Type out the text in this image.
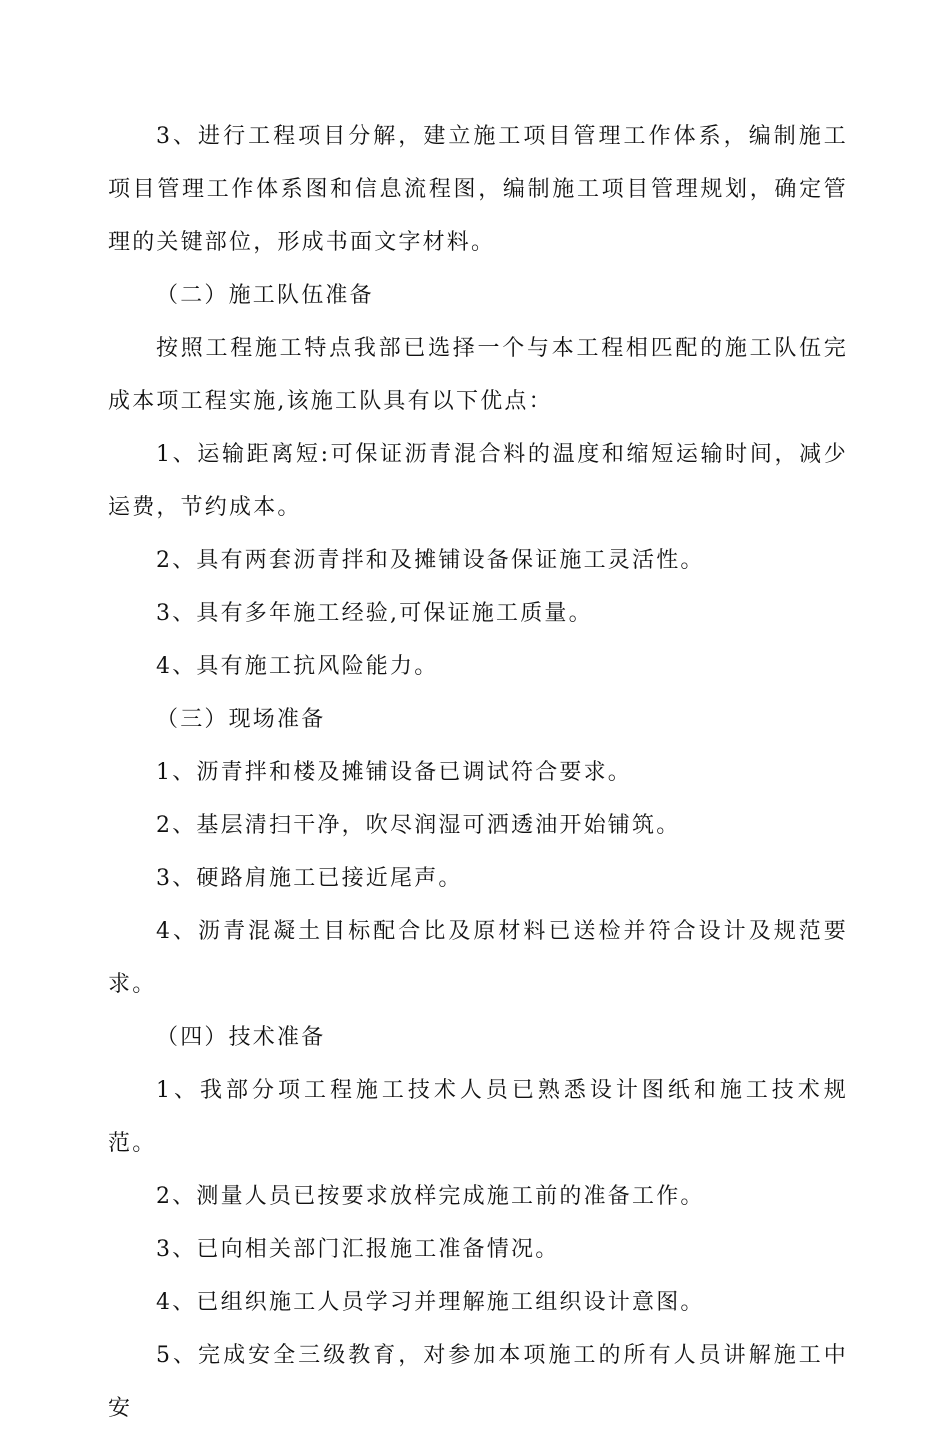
3、进行工程项目分解，建立施工项目管理工作体系，编制施工项目管理工作体系图和信息流程图，编制施工项目管理规划，确定管理的关键部位，形成书面文字材料。

（二）施工队伍准备

按照工程施工特点我部已选择一个与本工程相匹配的施工队伍完成本项工程实施,该施工队具有以下优点：

1、运输距离短:可保证沥青混合料的温度和缩短运输时间，减少运费，节约成本。

2、具有两套沥青拌和及摊铺设备保证施工灵活性。

3、具有多年施工经验,可保证施工质量。

4、具有施工抗风险能力。

（三）现场准备

1、沥青拌和楼及摊铺设备已调试符合要求。

2、基层清扫干净，吹尽润湿可洒透油开始铺筑。

3、硬路肩施工已接近尾声。

4、沥青混凝土目标配合比及原材料已送检并符合设计及规范要求。

（四）技术准备

1、我部分项工程施工技术人员已熟悉设计图纸和施工技术规范。

2、测量人员已按要求放样完成施工前的准备工作。

3、已向相关部门汇报施工准备情况。

4、已组织施工人员学习并理解施工组织设计意图。

5、完成安全三级教育，对参加本项施工的所有人员讲解施工中安
